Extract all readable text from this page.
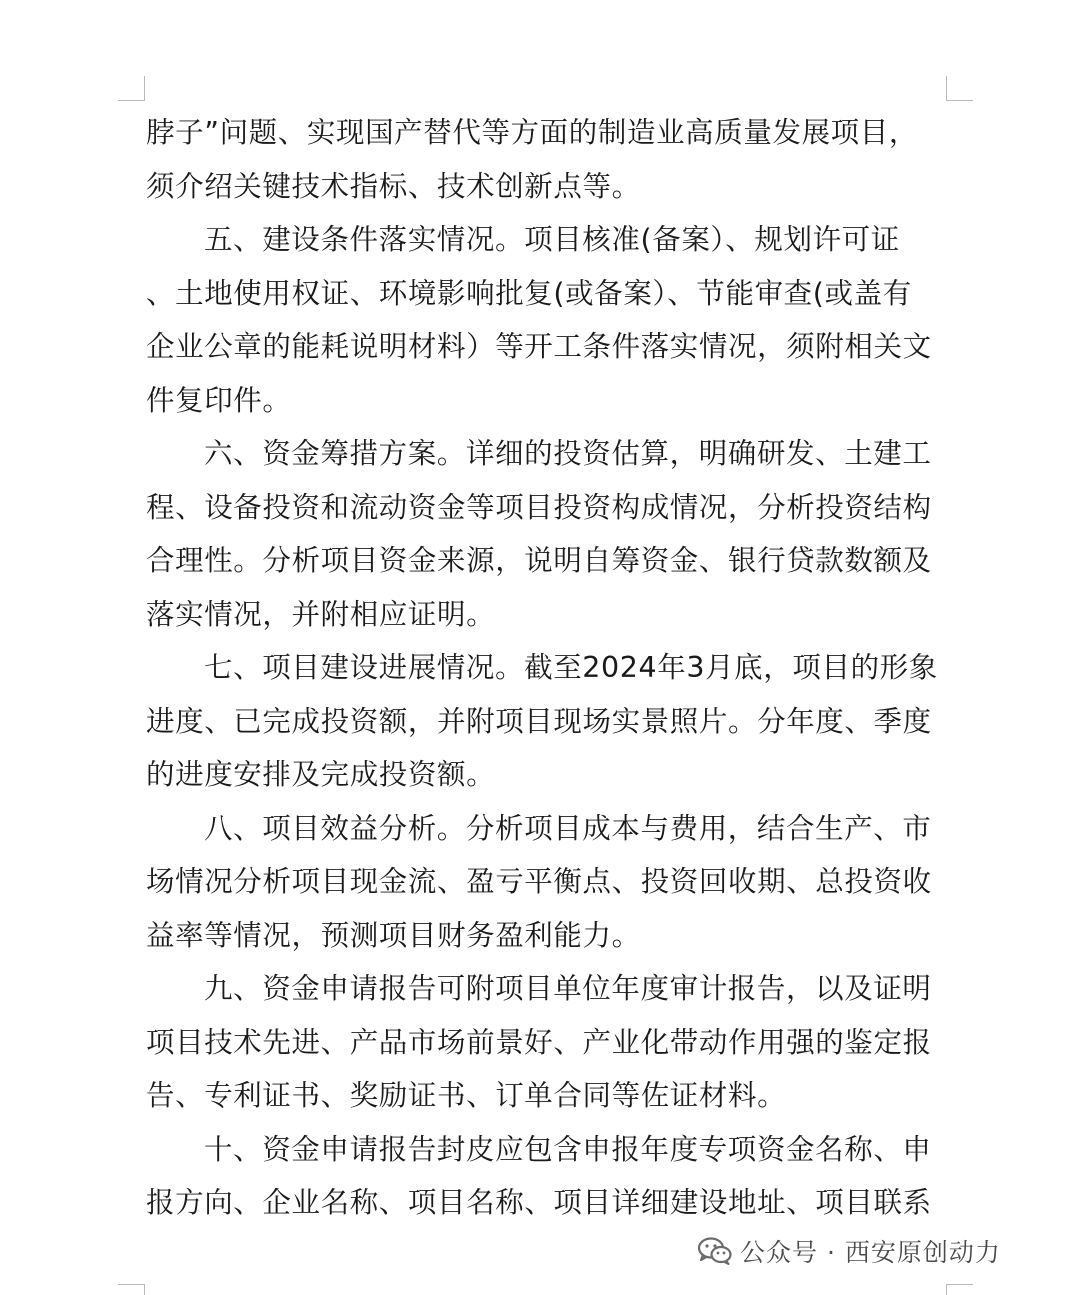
脖子”问题、实现国产替代等方面的制造业高质量发展项目，
须介绍关键技术指标、技术创新点等。
五、建设条件落实情况。项目核准(备案）、规划许可证
、土地使用权证、环境影响批复(或备案）、节能审查(或盖有
企业公章的能耗说明材料）等开工条件落实情况，须附相关文
件复印件。
六、资金筹措方案。详细的投资估算，明确研发、土建工
程、设备投资和流动资金等项目投资构成情况，分析投资结构
合理性。分析项目资金来源，说明自筹资金、银行贷款数额及
落实情况，并附相应证明。
七、项目建设进展情况。截至2024年3月底，项目的形象
进度、已完成投资额，并附项目现场实景照片。分年度、季度
的进度安排及完成投资额。
八、项目效益分析。分析项目成本与费用，结合生产、市
场情况分析项目现金流、盈亏平衡点、投资回收期、总投资收
益率等情况，预测项目财务盈利能力。
九、资金申请报告可附项目单位年度审计报告，以及证明
项目技术先进、产品市场前景好、产业化带动作用强的鉴定报
告、专利证书、奖励证书、订单合同等佐证材料。
十、资金申请报告封皮应包含申报年度专项资金名称、申
报方向、企业名称、项目名称、项目详细建设地址、项目联系
公众号 · 西安原创动力
